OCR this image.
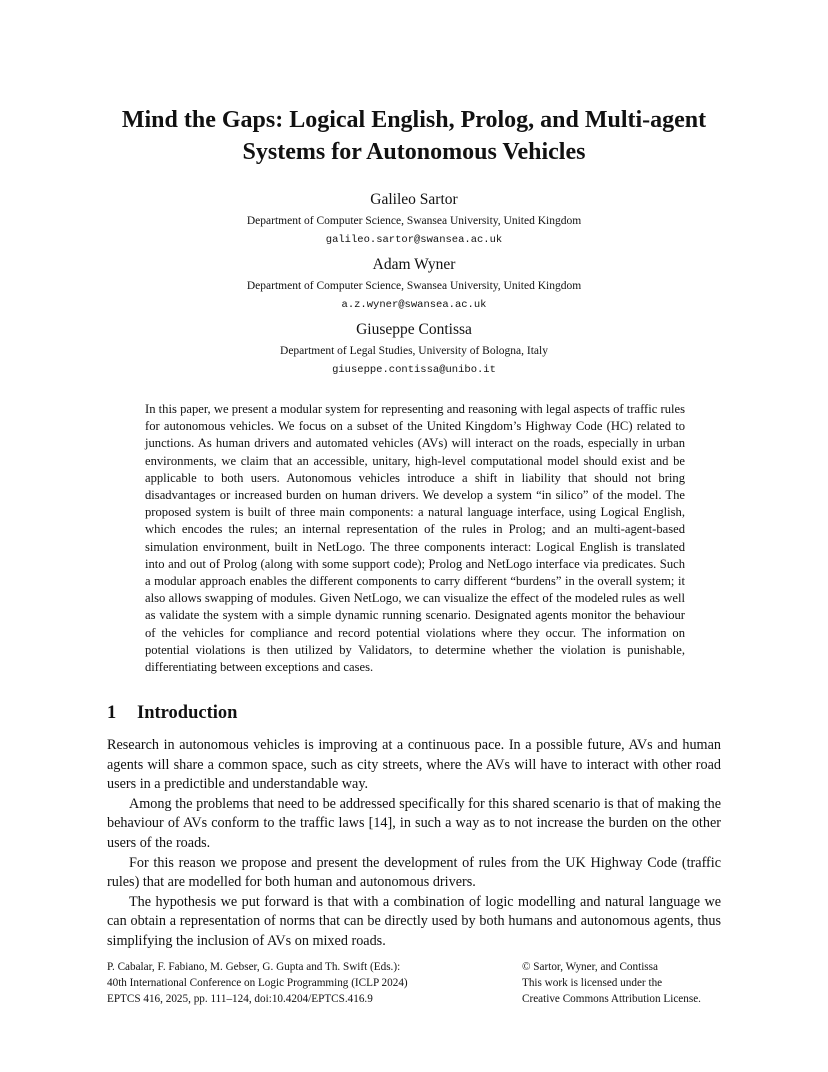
Mind the Gaps: Logical English, Prolog, and Multi-agent Systems for Autonomous Vehicles
Galileo Sartor
Department of Computer Science, Swansea University, United Kingdom
galileo.sartor@swansea.ac.uk
Adam Wyner
Department of Computer Science, Swansea University, United Kingdom
a.z.wyner@swansea.ac.uk
Giuseppe Contissa
Department of Legal Studies, University of Bologna, Italy
giuseppe.contissa@unibo.it

In this paper, we present a modular system for representing and reasoning with legal aspects of traffic rules for autonomous vehicles. We focus on a subset of the United Kingdom’s Highway Code (HC) related to junctions. As human drivers and automated vehicles (AVs) will interact on the roads, especially in urban environments, we claim that an accessible, unitary, high-level computational model should exist and be applicable to both users. Autonomous vehicles introduce a shift in liability that should not bring disadvantages or increased burden on human drivers. We develop a system “in silico” of the model. The proposed system is built of three main components: a natural language interface, using Logical English, which encodes the rules; an internal representation of the rules in Prolog; and an multi-agent-based simulation environment, built in NetLogo. The three components interact: Logical English is translated into and out of Prolog (along with some support code); Prolog and NetLogo interface via predicates. Such a modular approach enables the different components to carry different “burdens” in the overall system; it also allows swapping of modules. Given NetLogo, we can visualize the effect of the modeled rules as well as validate the system with a simple dynamic running scenario. Designated agents monitor the behaviour of the vehicles for compliance and record potential violations where they occur. The information on potential violations is then utilized by Validators, to determine whether the violation is punishable, differentiating between exceptions and cases.

1 Introduction

Research in autonomous vehicles is improving at a continuous pace. In a possible future, AVs and human agents will share a common space, such as city streets, where the AVs will have to interact with other road users in a predictible and understandable way.

Among the problems that need to be addressed specifically for this shared scenario is that of making the behaviour of AVs conform to the traffic laws [14], in such a way as to not increase the burden on the other users of the roads.

For this reason we propose and present the development of rules from the UK Highway Code (traffic rules) that are modelled for both human and autonomous drivers.

The hypothesis we put forward is that with a combination of logic modelling and natural language we can obtain a representation of norms that can be directly used by both humans and autonomous agents, thus simplifying the inclusion of AVs on mixed roads.

P. Cabalar, F. Fabiano, M. Gebser, G. Gupta and Th. Swift (Eds.):
40th International Conference on Logic Programming (ICLP 2024)
EPTCS 416, 2025, pp. 111–124, doi:10.4204/EPTCS.416.9
© Sartor, Wyner, and Contissa
This work is licensed under the
Creative Commons Attribution License.
